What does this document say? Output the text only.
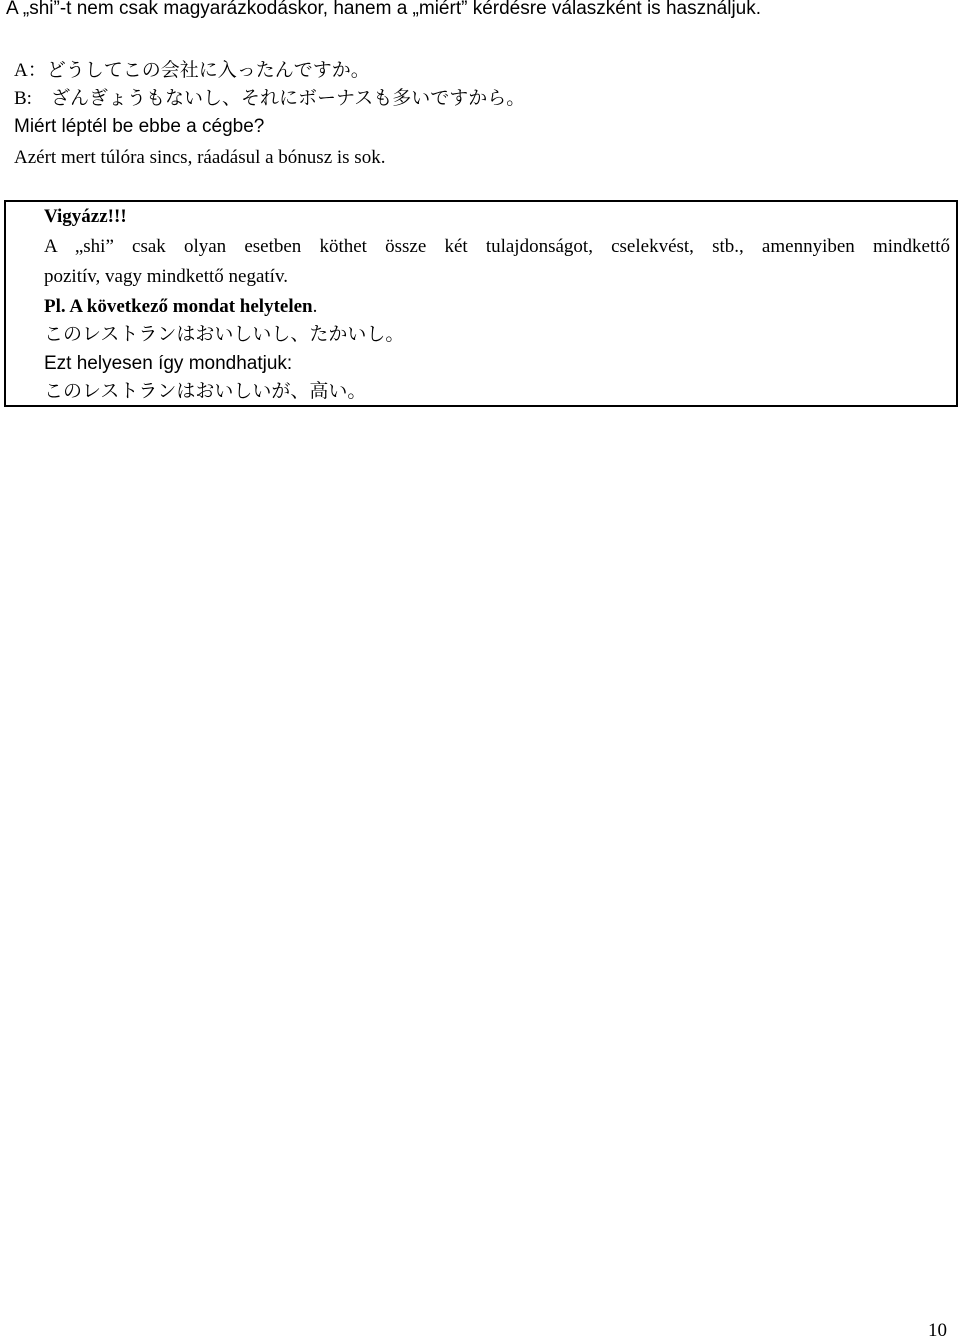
A „shi”-t nem csak magyarázkodáskor, hanem a „miért” kérdésre válaszként is használjuk.
A：どうしてこの会社に入ったんですか。
B:　ざんぎょうもないし、それにボーナスも多いですから。
Miért léptél be ebbe a cégbe?
Azért mert túlóra sincs, ráadásul a bónusz is sok.
Vigyázz!!!
A „shi” csak olyan esetben köthet össze két tulajdonságot, cselekvést, stb., amennyiben mindkettő
pozitív, vagy mindkettő negatív.
Pl. A következő mondat helytelen.
このレストランはおいしいし、たかいし。
Ezt helyesen így mondhatjuk:
このレストランはおいしいが、高い。
10
